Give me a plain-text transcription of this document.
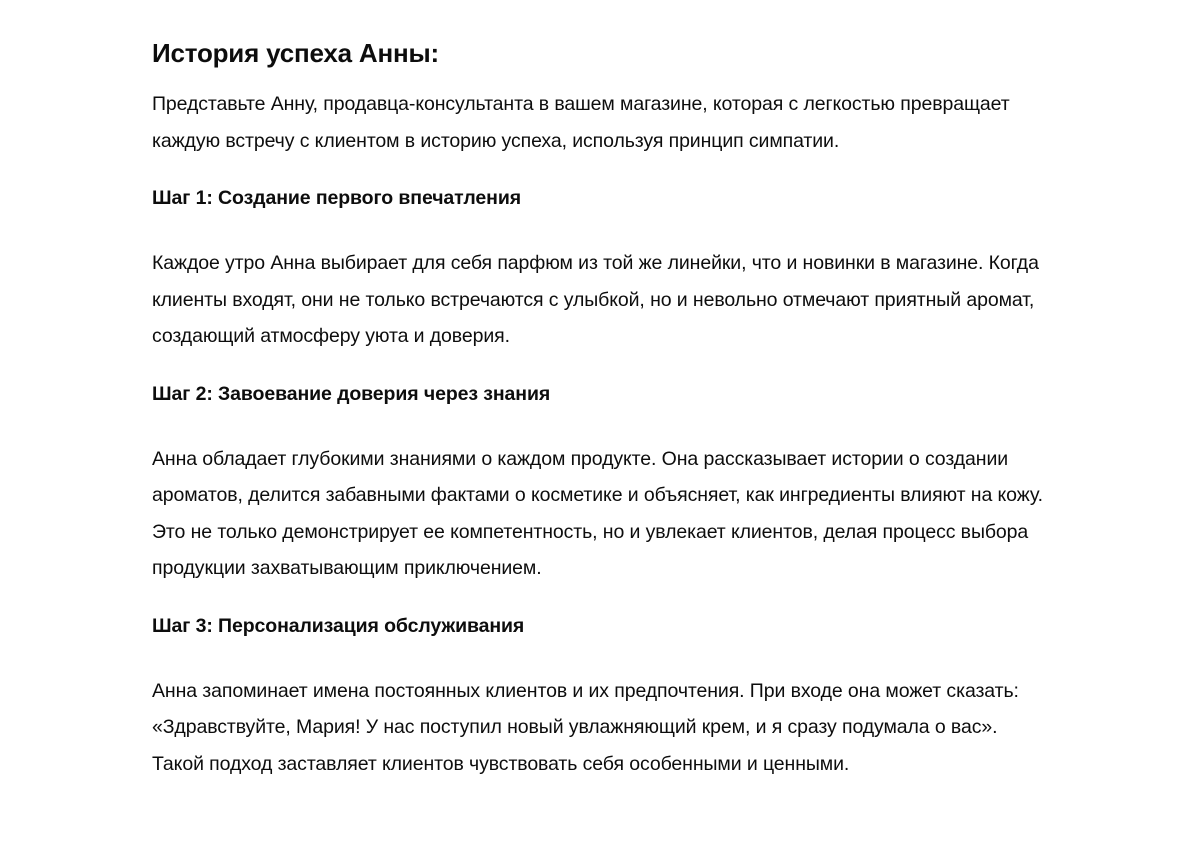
История успеха Анны:

Представьте Анну, продавца-консультанта в вашем магазине, которая с легкостью превращает каждую встречу с клиентом в историю успеха, используя принцип симпатии.

Шаг 1: Создание первого впечатления

Каждое утро Анна выбирает для себя парфюм из той же линейки, что и новинки в магазине. Когда клиенты входят, они не только встречаются с улыбкой, но и невольно отмечают приятный аромат, создающий атмосферу уюта и доверия.

Шаг 2: Завоевание доверия через знания

Анна обладает глубокими знаниями о каждом продукте. Она рассказывает истории о создании ароматов, делится забавными фактами о косметике и объясняет, как ингредиенты влияют на кожу. Это не только демонстрирует ее компетентность, но и увлекает клиентов, делая процесс выбора продукции захватывающим приключением.

Шаг 3: Персонализация обслуживания

Анна запоминает имена постоянных клиентов и их предпочтения. При входе она может сказать: «Здравствуйте, Мария! У нас поступил новый увлажняющий крем, и я сразу подумала о вас». Такой подход заставляет клиентов чувствовать себя особенными и ценными.
